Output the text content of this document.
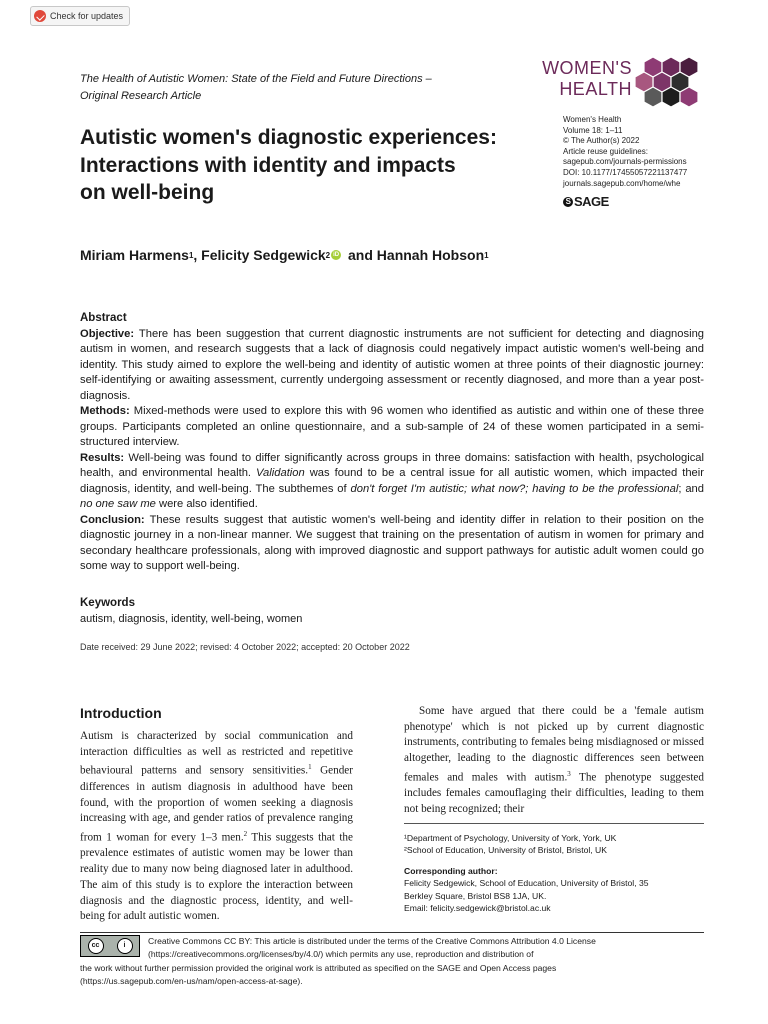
Check for updates
The Health of Autistic Women: State of the Field and Future Directions –
Original Research Article
WOMEN'S
HEALTH
Women's Health
Volume 18: 1–11
© The Author(s) 2022
Article reuse guidelines:
sagepub.com/journals-permissions
DOI: 10.1177/17455057221137477
journals.sagepub.com/home/whe
S SAGE
Autistic women's diagnostic experiences:
Interactions with identity and impacts
on well-being
Miriam Harmens 1 , Felicity Sedgewick 2 iD and Hannah Hobson 1

Abstract

Objective: There has been suggestion that current diagnostic instruments are not sufficient for detecting and diagnosing autism in women, and research suggests that a lack of diagnosis could negatively impact autistic women's well-being and identity. This study aimed to explore the well-being and identity of autistic women at three points of their diagnostic journey: self-identifying or awaiting assessment, currently undergoing assessment or recently diagnosed, and more than a year post-diagnosis.

Methods: Mixed-methods were used to explore this with 96 women who identified as autistic and within one of these three groups. Participants completed an online questionnaire, and a sub-sample of 24 of these women participated in a semi-structured interview.

Results: Well-being was found to differ significantly across groups in three domains: satisfaction with health, psychological health, and environmental health. Validation was found to be a central issue for all autistic women, which impacted their diagnosis, identity, and well-being. The subthemes of don't forget I'm autistic; what now?; having to be the professional; and no one saw me were also identified.

Conclusion: These results suggest that autistic women's well-being and identity differ in relation to their position on the diagnostic journey in a non-linear manner. We suggest that training on the presentation of autism in women for primary and secondary healthcare professionals, along with improved diagnostic and support pathways for autistic adult women could go some way to support well-being.

Keywords
autism, diagnosis, identity, well-being, women
Date received: 29 June 2022; revised: 4 October 2022; accepted: 20 October 2022
Introduction
Autism is characterized by social communication and interaction difficulties as well as restricted and repetitive behavioural patterns and sensory sensitivities.$^1$ Gender differences in autism diagnosis in adulthood have been found, with the proportion of women seeking a diagnosis increasing with age, and gender ratios of prevalence ranging from 1 woman for every 1–3 men.$^2$ This suggests that the prevalence estimates of autistic women may be lower than reality due to many now being diagnosed later in adulthood. The aim of this study is to explore the interaction between diagnosis and the diagnostic process, identity, and well-being for adult autistic women.
Some have argued that there could be a 'female autism phenotype' which is not picked up by current diagnostic instruments, contributing to females being misdiagnosed or missed altogether, leading to the diagnostic differences seen between females and males with autism.$^3$ The phenotype suggested includes females camouflaging their difficulties, leading to them not being recognized; their

¹Department of Psychology, University of York, York, UK

²School of Education, University of Bristol, Bristol, UK

Corresponding author:

Felicity Sedgewick, School of Education, University of Bristol, 35

Berkley Square, Bristol BS8 1JA, UK.

Email: felicity.sedgewick@bristol.ac.uk

cc	i	Creative Commons CC BY: This article is distributed under the terms of the Creative Commons Attribution 4.0 License
(https://creativecommons.org/licenses/by/4.0/) which permits any use, reproduction and distribution of
the work without further permission provided the original work is attributed as specified on the SAGE and Open Access pages
(https://us.sagepub.com/en-us/nam/open-access-at-sage).
